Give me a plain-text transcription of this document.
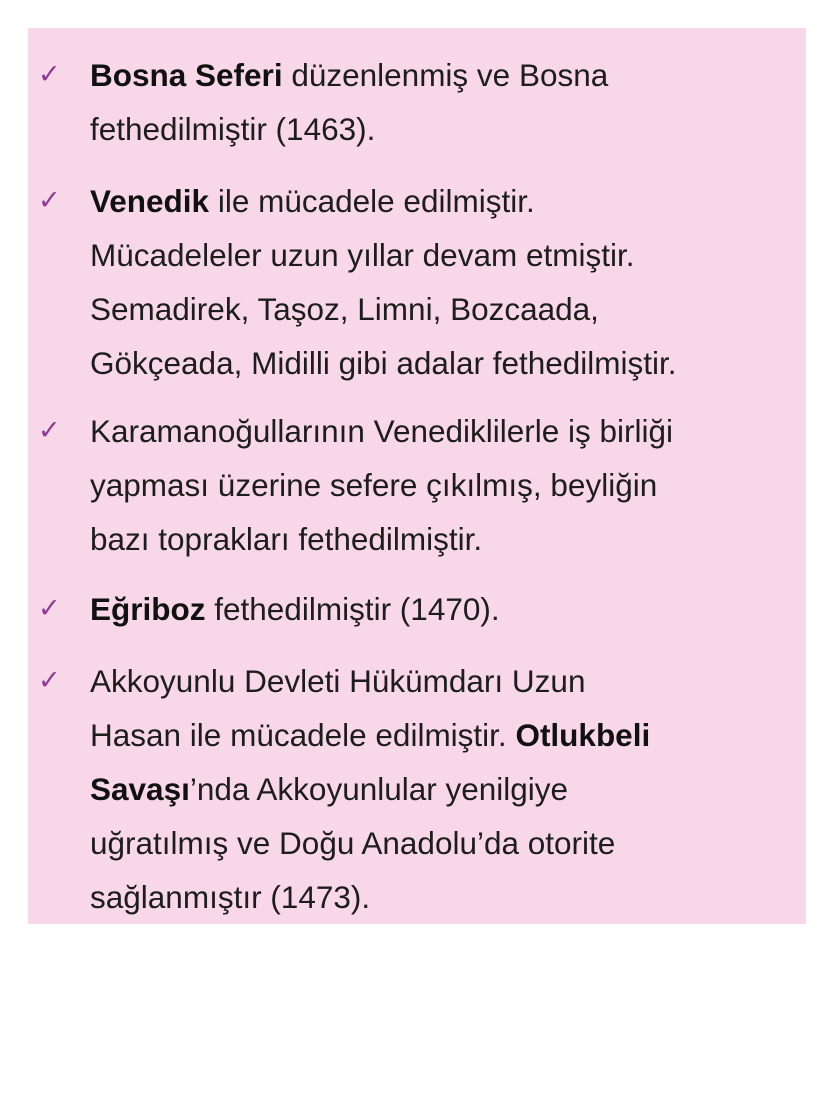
✓ Bosna Seferi düzenlenmiş ve Bosna
fethedilmiştir (1463).
✓ Venedik ile mücadele edilmiştir.
Mücadeleler uzun yıllar devam etmiştir.
Semadirek, Taşoz, Limni, Bozcaada,
Gökçeada, Midilli gibi adalar fethedilmiştir.
✓ Karamanoğullarının Venediklilerle iş birliği
yapması üzerine sefere çıkılmış, beyliğin
bazı toprakları fethedilmiştir.
✓ Eğriboz fethedilmiştir (1470).
✓ Akkoyunlu Devleti Hükümdarı Uzun
Hasan ile mücadele edilmiştir. Otlukbeli
Savaşı’nda Akkoyunlular yenilgiye
uğratılmış ve Doğu Anadolu’da otorite
sağlanmıştır (1473).
